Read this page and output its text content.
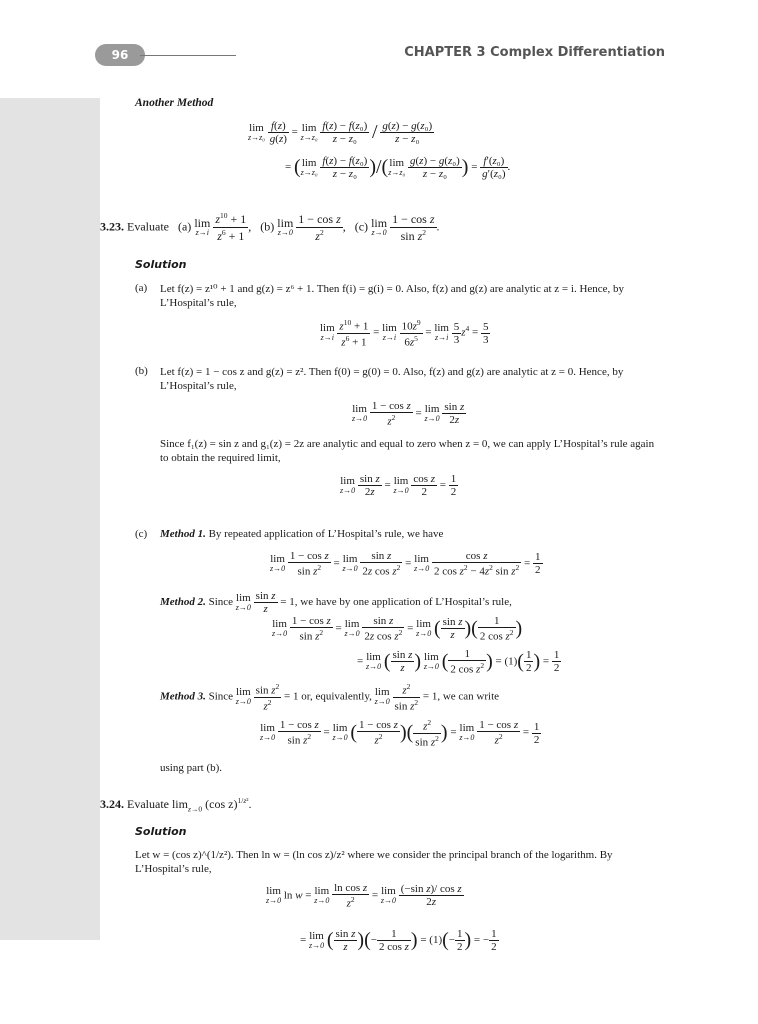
96	CHAPTER 3 Complex Differentiation
Another Method
lim
z→z₀
$\frac{f(z)}{g(z)} = \lim$
z→z₀
$\frac{\text{f(z) − f(z₀)}}{\text{z − z₀}} / \frac{\text{g(z) − g(z₀)}}{\text{z − z₀}}$
= ( lim
z→z₀
$\frac{\text{f(z) − f(z₀)}}{\text{z − z₀}}$ )/( lim
z→z₀
$\frac{\text{g(z) − g(z₀)}}{\text{z − z₀}}$ ) = $\frac{\text{f′(z₀)}}{\text{g′(z₀)}}$ .
3.23. Evaluate (a) lim
z→i
$\frac{z^{10} + 1}{z^6 + 1}$ ,   (b) lim
z→0
$\frac{\text{1 − cos z}}{z^2}$ ,   (c) lim
z→0
$\frac{\text{1 − cos z}}{\sin z^2}$ .
Solution
(a) Let f(z) = z¹⁰ + 1 and g(z) = z⁶ + 1. Then f(i) = g(i) = 0. Also, f(z) and g(z) are analytic at z = i. Hence, by L’Hospital’s rule,
lim
z→i
$\frac{z^{10} + 1}{z^6 + 1} = \lim$
z→i
$\frac{10z^9}{6z^5} = \lim$
z→i
$\frac{5}{3} z^4 = \frac{5}{3}$
(b) Let f(z) = 1 − cos z and g(z) = z². Then f(0) = g(0) = 0. Also, f(z) and g(z) are analytic at z = 0. Hence, by L’Hospital’s rule,
lim
z→0
$\frac{\text{1 − cos z}}{z^2} = \lim$
z→0
$\frac{\text{sin z}}{2z}$
Since f₁(z) = sin z and g₁(z) = 2z are analytic and equal to zero when z = 0, we can apply L’Hospital’s rule again to obtain the required limit,
lim
z→0
$\frac{\text{sin z}}{2z} = \lim$
z→0
$\frac{\text{cos z}}{2} = \frac{1}{2}$
(c) Method 1. By repeated application of L’Hospital’s rule, we have
lim
z→0
$\frac{\text{1 − cos z}}{\sin z^2} = \lim$
z→0
$\frac{\text{sin z}}{2z \cos z^2} = \lim$
z→0
$\frac{\text{cos z}}{2 \cos z^2 - 4z^2 \sin z^2} = \frac{1}{2}$
Method 2. Since lim
z→0
$\frac{\text{sin z}}{z} = 1$, we have by one application of L’Hospital’s rule,
lim
z→0
$\frac{\text{1 − cos z}}{\sin z^2} = \lim$
z→0
$\frac{\text{sin z}}{2z \cos z^2} = \lim$
z→0 ( $\frac{\text{sin z}}{z}$ )( $\frac{1}{2 \cos z^2}$ )
= lim
z→0 ( $\frac{\text{sin z}}{z}$ ) lim
z→0 ( $\frac{1}{2 \cos z^2}$ ) = $(1)( \frac{1}{2}$ ) = $\frac{1}{2}$
Method 3. Since lim
z→0
$\frac{\sin z^2}{z^2} = 1$ or, equivalently, lim
z→0
$\frac{z^2}{\sin z^2} = 1$, we can write
lim
z→0
$\frac{\text{1 − cos z}}{\sin z^2} = \lim$
z→0 ( $\frac{\text{1 − cos z}}{z^2}$ )( $\frac{z^2}{\sin z^2}$ ) = lim
z→0
$\frac{\text{1 − cos z}}{z^2} = \frac{1}{2}$
using part (b).
3.24. Evaluate $\lim_{z\to 0} (\cos$ z)$^{1/z^2}$.
Solution
Let w = (cos z)^(1/z²). Then ln w = (ln cos z)/z² where we consider the principal branch of the logarithm. By L’Hospital’s rule,
lim
z→0 ln w = lim
z→0
$\frac{\text{ln cos z}}{z^2} = \lim$
z→0
$\frac{\text{(−sin z)/ cos z}}{2z}$
= lim
z→0 ( $\frac{\text{sin z}}{z}$ )(− $\frac{1}{\text{2 cos z}}$ ) = $(1)(- \frac{1}{2}$ ) = − $\frac{1}{2}$
